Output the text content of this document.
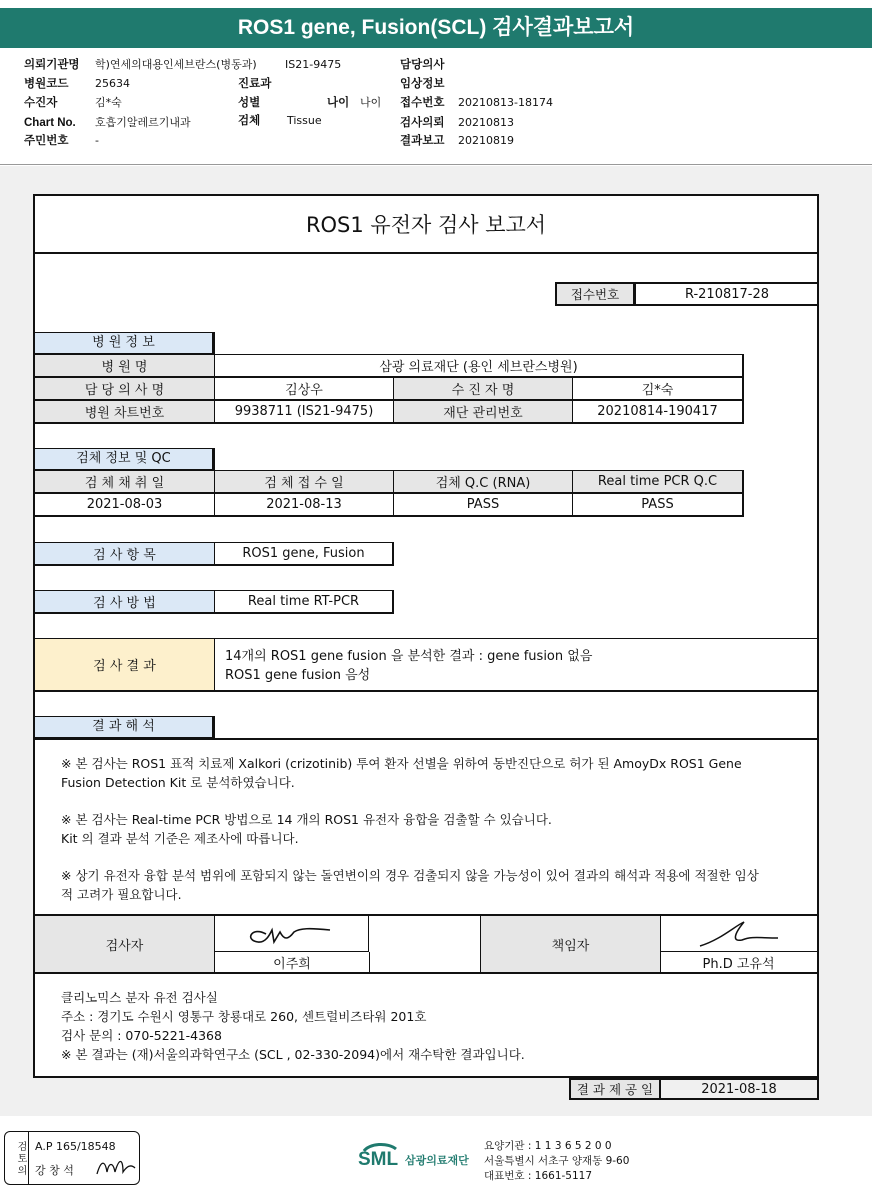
ROS1 gene, Fusion(SCL) 검사결과보고서
의뢰기관명 학)연세의대용인세브란스(병동과)	IS21-9475	담당의사
병원코드 25634	진료과	임상정보
수진자	김*숙	성별	나이 나이 접수번호 20210813-18174
Chart No. 호흡기알레르기내과	검체 Tissue	검사의뢰 20210813
주민번호 -	결과보고 20210819
ROS1 유전자 검사 보고서
접수번호	R-210817-28
병 원 정 보
병 원 명	삼광 의료재단 (용인 세브란스병원)
담 당 의 사 명	김상우	수 진 자 명	김*숙
병원 차트번호	9938711 (IS21-9475)	재단 관리번호	20210814-190417
검체 정보 및 QC
검 체 채 취 일	검 체 접 수 일	검체 Q.C (RNA)	Real time PCR Q.C
2021-08-03	2021-08-13	PASS	PASS
검 사 항 목	ROS1 gene, Fusion
검 사 방 법	Real time RT-PCR
검 사 결 과
14개의 ROS1 gene fusion 을 분석한 결과 : gene fusion 없음
ROS1 gene fusion 음성
결 과 해 석
※ 본 검사는 ROS1 표적 치료제 Xalkori (crizotinib) 투여 환자 선별을 위하여 동반진단으로 허가 된 AmoyDx ROS1 Gene
Fusion Detection Kit 로 분석하였습니다.
※ 본 검사는 Real-time PCR 방법으로 14 개의 ROS1 유전자 융합을 검출할 수 있습니다.
Kit 의 결과 분석 기준은 제조사에 따릅니다.
※ 상기 유전자 융합 분석 범위에 포함되지 않는 돌연변이의 경우 검출되지 않을 가능성이 있어 결과의 해석과 적용에 적절한 임상
적 고려가 필요합니다.
검사자
이주희
책임자
Ph.D 고유석
클리노믹스 분자 유전 검사실
주소 : 경기도 수원시 영통구 창룡대로 260, 센트럴비즈타워 201호
검사 문의 : 070-5221-4368
※ 본 결과는 (재)서울의과학연구소 (SCL , 02-330-2094)에서 재수탁한 결과입니다.
결 과 제 공 일	2021-08-18
검토의 A.P 165/18548
강 창 석
SML 삼광의료재단
요양기관 : 1 1 3 6 5 2 0 0
서울특별시 서초구 양재동 9-60
대표번호 : 1661-5117
